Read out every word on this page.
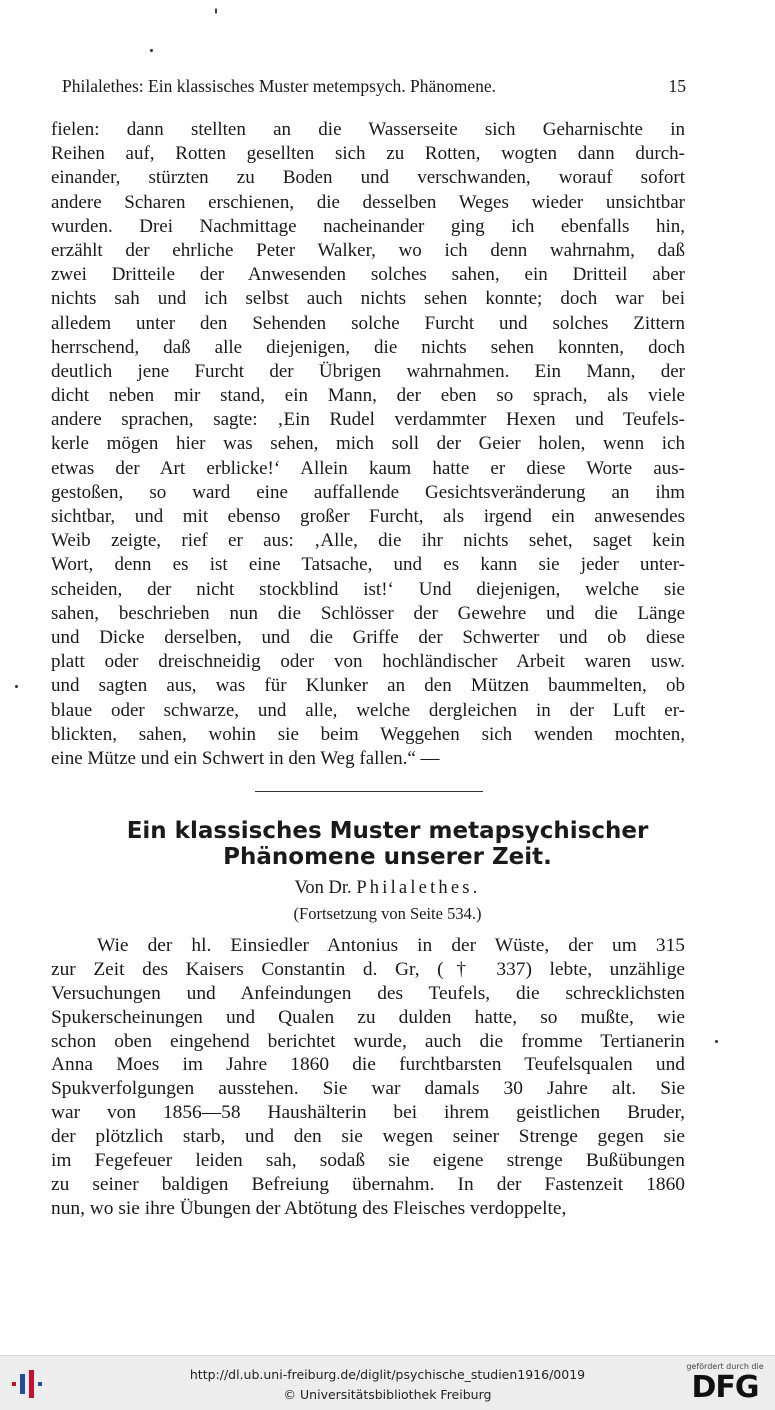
Philalethes: Ein klassisches Muster metempsych. Phänomene.	15
fielen: dann stellten an die Wasserseite sich Geharnischte in
Reihen auf, Rotten gesellten sich zu Rotten, wogten dann durch-
einander, stürzten zu Boden und verschwanden, worauf sofort
andere Scharen erschienen, die desselben Weges wieder unsichtbar
wurden. Drei Nachmittage nacheinander ging ich ebenfalls hin,
erzählt der ehrliche Peter Walker, wo ich denn wahrnahm, daß
zwei Dritteile der Anwesenden solches sahen, ein Dritteil aber
nichts sah und ich selbst auch nichts sehen konnte; doch war bei
alledem unter den Sehenden solche Furcht und solches Zittern
herrschend, daß alle diejenigen, die nichts sehen konnten, doch
deutlich jene Furcht der Übrigen wahrnahmen. Ein Mann, der
dicht neben mir stand, ein Mann, der eben so sprach, als viele
andere sprachen, sagte: ‚Ein Rudel verdammter Hexen und Teufels-
kerle mögen hier was sehen, mich soll der Geier holen, wenn ich
etwas der Art erblicke!‘ Allein kaum hatte er diese Worte aus-
gestoßen, so ward eine auffallende Gesichtsveränderung an ihm
sichtbar, und mit ebenso großer Furcht, als irgend ein anwesendes
Weib zeigte, rief er aus: ‚Alle, die ihr nichts sehet, saget kein
Wort, denn es ist eine Tatsache, und es kann sie jeder unter-
scheiden, der nicht stockblind ist!‘ Und diejenigen, welche sie
sahen, beschrieben nun die Schlösser der Gewehre und die Länge
und Dicke derselben, und die Griffe der Schwerter und ob diese
platt oder dreischneidig oder von hochländischer Arbeit waren usw.
und sagten aus, was für Klunker an den Mützen baummelten, ob
blaue oder schwarze, und alle, welche dergleichen in der Luft er-
blickten, sahen, wohin sie beim Weggehen sich wenden mochten,
eine Mütze und ein Schwert in den Weg fallen.“ —
Ein klassisches Muster metapsychischer
Phänomene unserer Zeit.
Von Dr. Philalethes.
(Fortsetzung von Seite 534.)
Wie der hl. Einsiedler Antonius in der Wüste, der um 315
zur Zeit des Kaisers Constantin d. Gr, († 337) lebte, unzählige
Versuchungen und Anfeindungen des Teufels, die schrecklichsten
Spukerscheinungen und Qualen zu dulden hatte, so mußte, wie
schon oben eingehend berichtet wurde, auch die fromme Tertianerin
Anna Moes im Jahre 1860 die furchtbarsten Teufelsqualen und
Spukverfolgungen ausstehen. Sie war damals 30 Jahre alt. Sie
war von 1856—58 Haushälterin bei ihrem geistlichen Bruder,
der plötzlich starb, und den sie wegen seiner Strenge gegen sie
im Fegefeuer leiden sah, sodaß sie eigene strenge Bußübungen
zu seiner baldigen Befreiung übernahm. In der Fastenzeit 1860
nun, wo sie ihre Übungen der Abtötung des Fleisches verdoppelte,
http://dl.ub.uni-freiburg.de/diglit/psychische_studien1916/0019
© Universitätsbibliothek Freiburg
gefördert durch die
DFG
